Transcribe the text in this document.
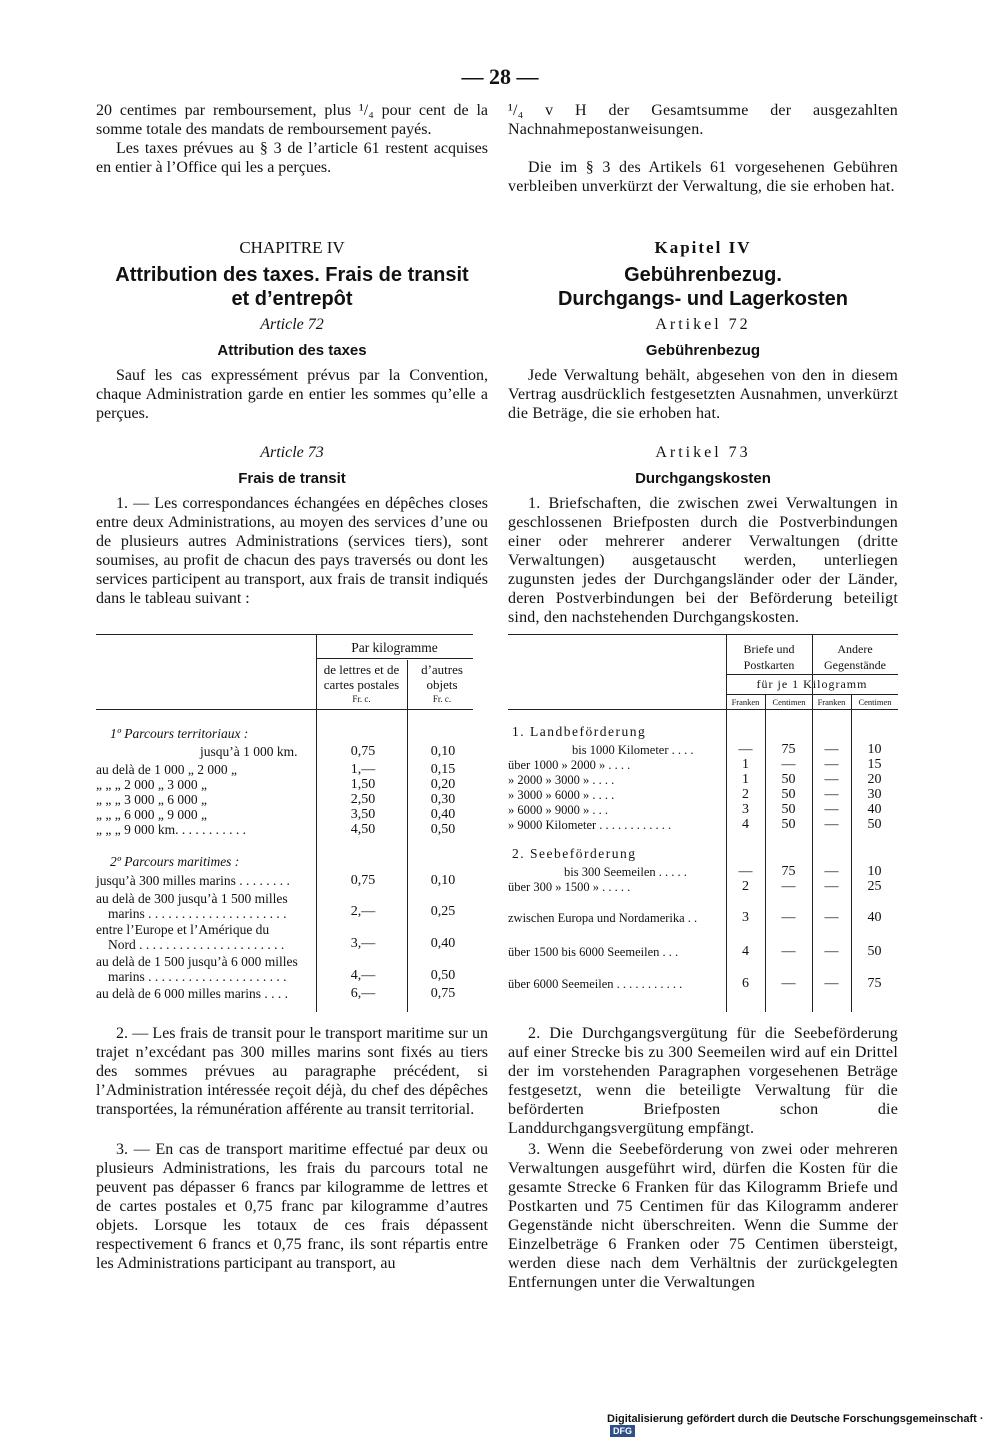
— 28 —

20 centimes par remboursement, plus ¹/₄ pour cent de la somme totale des mandats de remboursement payés.

Les taxes prévues au § 3 de l’article 61 restent acquises en entier à l’Office qui les a perçues.

CHAPITRE IV
Attribution des taxes. Frais de transit
et d’entrepôt
Article 72
Attribution des taxes

Sauf les cas expressément prévus par la Convention, chaque Administration garde en entier les sommes qu’elle a perçues.

Article 73
Frais de transit

1. — Les correspondances échangées en dépêches closes entre deux Administrations, au moyen des services d’une ou de plusieurs autres Administrations (services tiers), sont soumises, au profit de chacun des pays traversés ou dont les services participent au transport, aux frais de transit indiqués dans le tableau suivant :

Par kilogramme
de lettres et de
cartes postales
Fr. c.
d’autres
objets
Fr. c.
1º Parcours territoriaux :
jusqu’à 1 000 km.	0,75	0,10
au delà de 1 000 „ 2 000 „	1,—	0,15
„ „ „ 2 000 „ 3 000 „	1,50	0,20
„ „ „ 3 000 „ 6 000 „	2,50	0,30
„ „ „ 6 000 „ 9 000 „	3,50	0,40
„ „ „ 9 000 km. . . . . . . . . . .	4,50	0,50
2º Parcours maritimes :
jusqu’à 300 milles marins . . . . . . . .	0,75	0,10
au delà de 300 jusqu’à 1 500 milles
marins . . . . . . . . . . . . . . . . . . . . .	2,—	0,25
entre l’Europe et l’Amérique du
Nord . . . . . . . . . . . . . . . . . . . . . .	3,—	0,40
au delà de 1 500 jusqu’à 6 000 milles
marins . . . . . . . . . . . . . . . . . . . . .	4,—	0,50
au delà de 6 000 milles marins . . . .	6,—	0,75

2. — Les frais de transit pour le transport maritime sur un trajet n’excédant pas 300 milles marins sont fixés au tiers des sommes prévues au paragraphe précédent, si l’Administration intéressée reçoit déjà, du chef des dépêches transportées, la rémunération afférente au transit territorial.

3. — En cas de transport maritime effectué par deux ou plusieurs Administrations, les frais du parcours total ne peuvent pas dépasser 6 francs par kilogramme de lettres et de cartes postales et 0,75 franc par kilogramme d’autres objets. Lorsque les totaux de ces frais dépassent respectivement 6 francs et 0,75 franc, ils sont répartis entre les Administrations participant au transport, au

¹/₄ v H der Gesamtsumme der ausgezahlten Nachnahmepostanweisungen.

Die im § 3 des Artikels 61 vorgesehenen Gebühren verbleiben unverkürzt der Verwaltung, die sie erhoben hat.

Kapitel IV
Gebührenbezug.
Durchgangs- und Lagerkosten
Artikel 72
Gebührenbezug

Jede Verwaltung behält, abgesehen von den in diesem Vertrag ausdrücklich festgesetzten Ausnahmen, unverkürzt die Beträge, die sie erhoben hat.

Artikel 73
Durchgangskosten

1. Briefschaften, die zwischen zwei Verwaltungen in geschlossenen Briefposten durch die Postverbindungen einer oder mehrerer anderer Verwaltungen (dritte Verwaltungen) ausgetauscht werden, unterliegen zugunsten jedes der Durchgangsländer oder der Länder, deren Postverbindungen bei der Beförderung beteiligt sind, den nachstehenden Durchgangskosten.

Briefe und
Postkarten
Andere
Gegenstände
für je 1 Kilogramm
Franken	Centimen	Franken	Centimen
1. Landbeförderung
bis 1000 Kilometer . . . .	—	75	—	10
über 1000 » 2000 » . . . .	1	—	—	15
» 2000 » 3000 » . . . .	1	50	—	20
» 3000 » 6000 » . . . .	2	50	—	30
» 6000 » 9000 » . . .	3	50	—	40
» 9000 Kilometer . . . . . . . . . . . .	4	50	—	50
2. Seebeförderung
bis 300 Seemeilen . . . . .	—	75	—	10
über 300 » 1500 » . . . . .	2	—	—	25
zwischen Europa und Nordamerika . .	3	—	—	40
über 1500 bis 6000 Seemeilen . . .	4	—	—	50
über 6000 Seemeilen . . . . . . . . . . .	6	—	—	75

2. Die Durchgangsvergütung für die Seebeförderung auf einer Strecke bis zu 300 Seemeilen wird auf ein Drittel der im vorstehenden Paragraphen vorgesehenen Beträge festgesetzt, wenn die beteiligte Verwaltung für die beförderten Briefposten schon die Landdurchgangsvergütung empfängt.

3. Wenn die Seebeförderung von zwei oder mehreren Verwaltungen ausgeführt wird, dürfen die Kosten für die gesamte Strecke 6 Franken für das Kilogramm Briefe und Postkarten und 75 Centimen für das Kilogramm anderer Gegenstände nicht überschreiten. Wenn die Summe der Einzelbeträge 6 Franken oder 75 Centimen übersteigt, werden diese nach dem Verhältnis der zurückgelegten Entfernungen unter die Verwaltungen

Digitalisierung gefördert durch die Deutsche Forschungsgemeinschaft ·DFG
